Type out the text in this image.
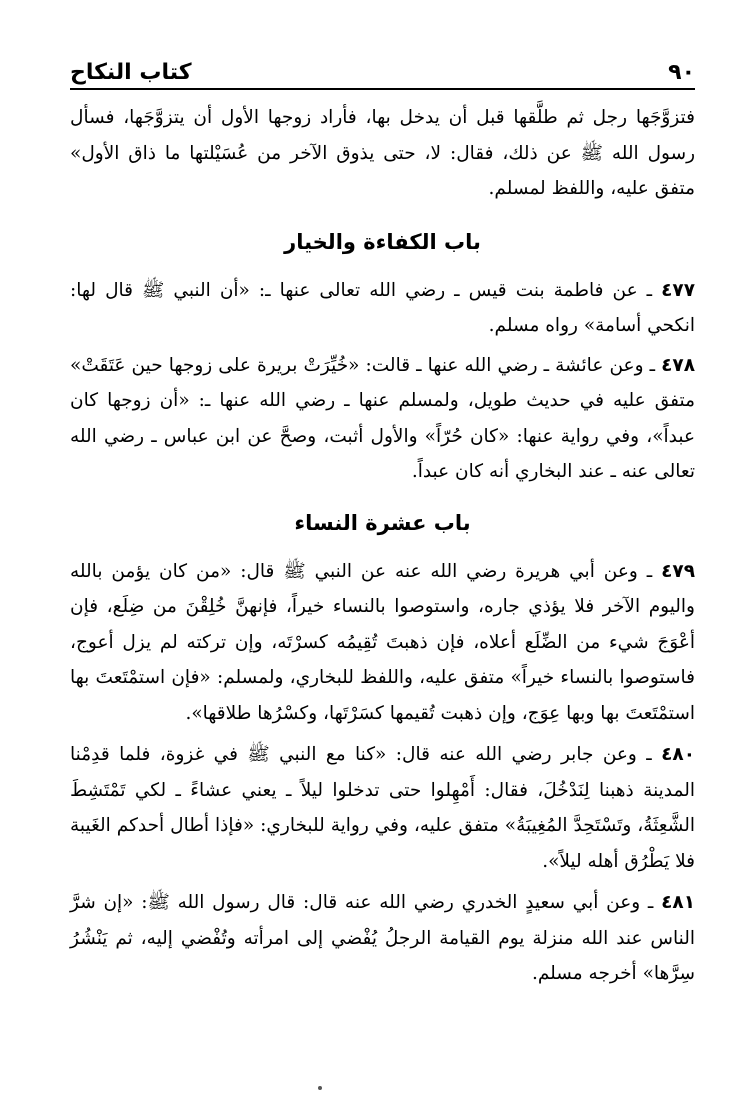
٩٠
كتاب النكاح

فتزوَّجَها رجل ثم طلَّقها قبل أن يدخل بها، فأراد زوجها الأول أن يتزوَّجَها، فسأل رسول الله ﷺ عن ذلك، فقال: لا، حتى يذوق الآخر من عُسَيْلتها ما ذاق الأول» متفق عليه، واللفظ لمسلم.

باب الكفاءة والخيار

٤٧٧ ـ عن فاطمة بنت قيس ـ رضي الله تعالى عنها ـ: «أن النبي ﷺ قال لها: انكحي أسامة» رواه مسلم.

٤٧٨ ـ وعن عائشة ـ رضي الله عنها ـ قالت: «خُيِّرَتْ بريرة على زوجها حين عَتَقَتْ» متفق عليه في حديث طويل، ولمسلم عنها ـ رضي الله عنها ـ: «أن زوجها كان عبداً»، وفي رواية عنها: «كان حُرّاً» والأول أثبت، وصحَّ عن ابن عباس ـ رضي الله تعالى عنه ـ عند البخاري أنه كان عبداً.

باب عشرة النساء

٤٧٩ ـ وعن أبي هريرة رضي الله عنه عن النبي ﷺ قال: «من كان يؤمن بالله واليوم الآخر فلا يؤذي جاره، واستوصوا بالنساء خيراً، فإنهنَّ خُلِقْنَ من ضِلَع، فإن أعْوَجَ شيء من الضِّلَع أعلاه، فإن ذهبتَ تُقِيمُه كسرْتَه، وإن تركته لم يزل أعوج، فاستوصوا بالنساء خيراً» متفق عليه، واللفظ للبخاري، ولمسلم: «فإن استمْتَعتَ بها استمْتَعتَ بها وبها عِوَج، وإن ذهبت تُقيمها كسَرْتَها، وكسْرُها طلاقها».

٤٨٠ ـ وعن جابر رضي الله عنه قال: «كنا مع النبي ﷺ في غزوة، فلما قدِمْنا المدينة ذهبنا لِنَدْخُلَ، فقال: أَمْهِلوا حتى تدخلوا ليلاً ـ يعني عشاءً ـ لكي تَمْتَشِطَ الشَّعِثَةُ، وتَسْتَحِدَّ المُغِيبَةُ» متفق عليه، وفي رواية للبخاري: «فإذا أطال أحدكم الغَيبة فلا يَطْرُق أهله ليلاً».

٤٨١ ـ وعن أبي سعيدٍ الخدري رضي الله عنه قال: قال رسول الله ﷺ: «إن شرَّ الناس عند الله منزلة يوم القيامة الرجلُ يُفْضي إلى امرأته وتُفْضي إليه، ثم يَنْشُرُ سِرَّها» أخرجه مسلم.
